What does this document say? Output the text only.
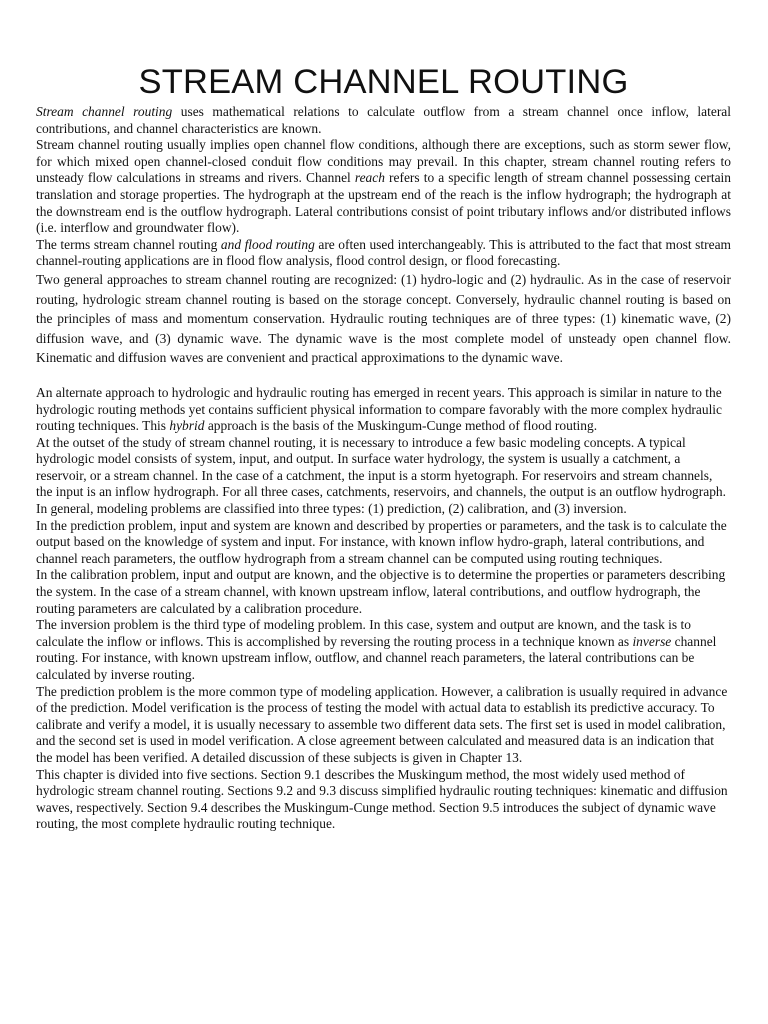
STREAM CHANNEL ROUTING

Stream channel routing uses mathematical relations to calculate outflow from a stream channel once inflow, lateral contributions, and channel characteristics are known.

Stream channel routing usually implies open channel flow conditions, although there are exceptions, such as storm sewer flow, for which mixed open channel-closed conduit flow conditions may prevail. In this chapter, stream channel routing refers to unsteady flow calculations in streams and rivers. Channel reach refers to a specific length of stream channel possessing certain translation and storage properties. The hydrograph at the upstream end of the reach is the inflow hydrograph; the hydrograph at the downstream end is the outflow hydrograph. Lateral contributions consist of point tributary inflows and/or distributed inflows (i.e. interflow and groundwater flow).

The terms stream channel routing and flood routing are often used interchangeably. This is attributed to the fact that most stream channel-routing applications are in flood flow analysis, flood control design, or flood forecasting.

Two general approaches to stream channel routing are recognized: (1) hydro-logic and (2) hydraulic. As in the case of reservoir routing, hydrologic stream channel routing is based on the storage concept. Conversely, hydraulic channel routing is based on the principles of mass and momentum conservation. Hydraulic routing techniques are of three types: (1) kinematic wave, (2) diffusion wave, and (3) dynamic wave. The dynamic wave is the most complete model of unsteady open channel flow. Kinematic and diffusion waves are convenient and practical approximations to the dynamic wave.

An alternate approach to hydrologic and hydraulic routing has emerged in recent years. This approach is similar in nature to the hydrologic routing methods yet contains sufficient physical information to compare favorably with the more complex hydraulic routing techniques. This hybrid approach is the basis of the Muskingum-Cunge method of flood routing.

At the outset of the study of stream channel routing, it is necessary to introduce a few basic modeling concepts. A typical hydrologic model consists of system, input, and output. In surface water hydrology, the system is usually a catchment, a reservoir, or a stream channel. In the case of a catchment, the input is a storm hyetograph. For reservoirs and stream channels, the input is an inflow hydrograph. For all three cases, catchments, reservoirs, and channels, the output is an outflow hydrograph.

In general, modeling problems are classified into three types: (1) prediction, (2) calibration, and (3) inversion.

In the prediction problem, input and system are known and described by properties or parameters, and the task is to calculate the output based on the knowledge of system and input. For instance, with known inflow hydro-graph, lateral contributions, and channel reach parameters, the outflow hydrograph from a stream channel can be computed using routing techniques.

In the calibration problem, input and output are known, and the objective is to determine the properties or parameters describing the system. In the case of a stream channel, with known upstream inflow, lateral contributions, and outflow hydrograph, the routing parameters are calculated by a calibration procedure.

The inversion problem is the third type of modeling problem. In this case, system and output are known, and the task is to calculate the inflow or inflows. This is accomplished by reversing the routing process in a technique known as inverse channel routing. For instance, with known upstream inflow, outflow, and channel reach parameters, the lateral contributions can be calculated by inverse routing.

The prediction problem is the more common type of modeling application. However, a calibration is usually required in advance of the prediction. Model verification is the process of testing the model with actual data to establish its predictive accuracy. To calibrate and verify a model, it is usually necessary to assemble two different data sets. The first set is used in model calibration, and the second set is used in model verification. A close agreement between calculated and measured data is an indication that the model has been verified. A detailed discussion of these subjects is given in Chapter 13.

This chapter is divided into five sections. Section 9.1 describes the Muskingum method, the most widely used method of hydrologic stream channel routing. Sections 9.2 and 9.3 discuss simplified hydraulic routing techniques: kinematic and diffusion waves, respectively. Section 9.4 describes the Muskingum-Cunge method. Section 9.5 introduces the subject of dynamic wave routing, the most complete hydraulic routing technique.
